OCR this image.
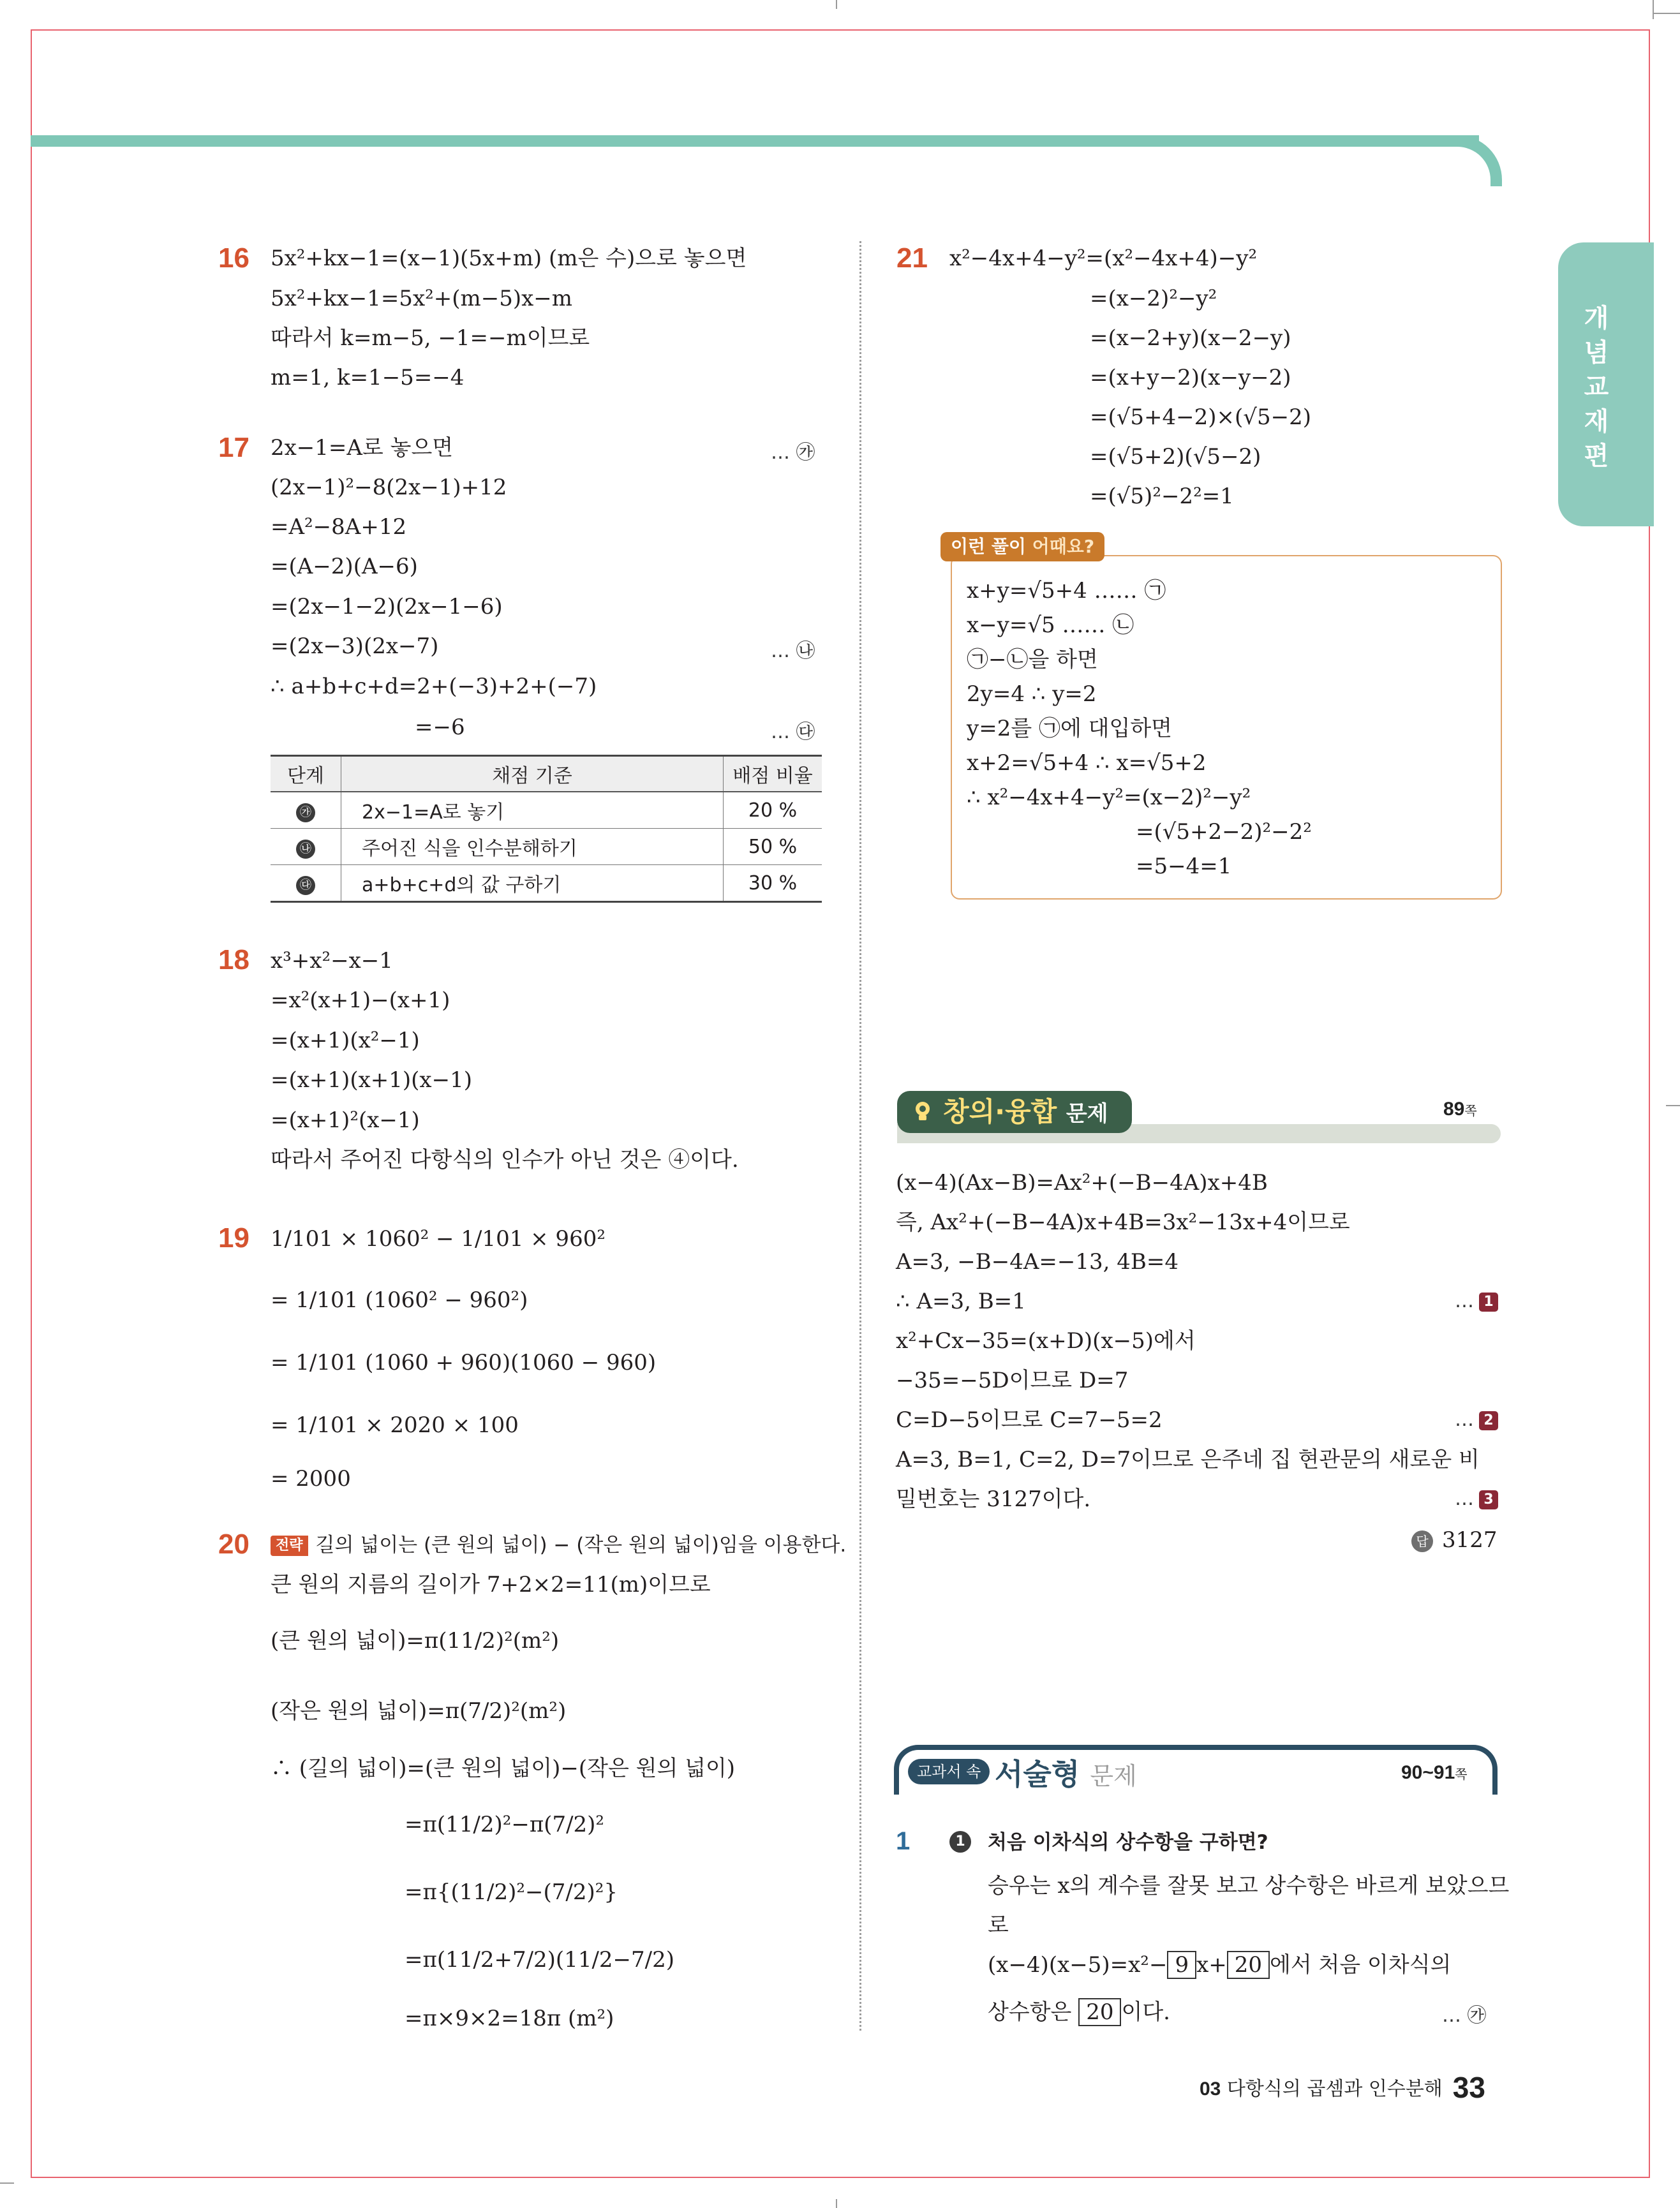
개념교재편
16 5x²+kx−1=(x−1)(5x+m) (m은 수)으로 놓으면
5x²+kx−1=5x²+(m−5)x−m
따라서 k=m−5, −1=−m이므로
m=1, k=1−5=−4
17 2x−1=A로 놓으면
(2x−1)²−8(2x−1)+12
=A²−8A+12
=(A−2)(A−6)
=(2x−1−2)(2x−1−6)
=(2x−3)(2x−7)
∴ a+b+c+d=2+(−3)+2+(−7)
=−6
… ㉮
… ㉯
… ㉰
단계	채점 기준	배점 비율
㉮	2x−1=A로 놓기	20 %
㉯	주어진 식을 인수분해하기	50 %
㉰	a+b+c+d의 값 구하기	30 %
18 x³+x²−x−1
=x²(x+1)−(x+1)
=(x+1)(x²−1)
=(x+1)(x+1)(x−1)
=(x+1)²(x−1)
따라서 주어진 다항식의 인수가 아닌 것은 ④이다.
19 1/101 × 1060² − 1/101 × 960²
= 1/101 (1060² − 960²)
= 1/101 (1060 + 960)(1060 − 960)
= 1/101 × 2020 × 100
= 2000
20	전략 길의 넓이는 (큰 원의 넓이) − (작은 원의 넓이)임을 이용한다.
큰 원의 지름의 길이가 7+2×2=11(m)이므로
(큰 원의 넓이)=π(11/2)²(m²)
(작은 원의 넓이)=π(7/2)²(m²)
∴ (길의 넓이)=(큰 원의 넓이)−(작은 원의 넓이)
=π(11/2)²−π(7/2)²
=π{(11/2)²−(7/2)²}
=π(11/2+7/2)(11/2−7/2)
=π×9×2=18π (m²)
21 x²−4x+4−y²=(x²−4x+4)−y²
=(x−2)²−y²
=(x−2+y)(x−2−y)
=(x+y−2)(x−y−2)
=(√5+4−2)×(√5−2)
=(√5+2)(√5−2)
=(√5)²−2²=1
이런 풀이 어때요?
x+y=√5+4 …… ㉠
x−y=√5 …… ㉡
㉠−㉡을 하면
2y=4 ∴ y=2
y=2를 ㉠에 대입하면
x+2=√5+4 ∴ x=√5+2
∴ x²−4x+4−y²=(x−2)²−y²
=(√5+2−2)²−2²
=5−4=1
창의·융합 문제	89쪽
(x−4)(Ax−B)=Ax²+(−B−4A)x+4B
즉, Ax²+(−B−4A)x+4B=3x²−13x+4이므로
A=3, −B−4A=−13, 4B=4
∴ A=3, B=1
x²+Cx−35=(x+D)(x−5)에서
−35=−5D이므로 D=7
C=D−5이므로 C=7−5=2
A=3, B=1, C=2, D=7이므로 은주네 집 현관문의 새로운 비
밀번호는 3127이다.
… 1
… 2
… 3
답 3127
교과서 속 서술형 문제	90~91쪽
1	1	처음 이차식의 상수항을 구하면?
승우는 x의 계수를 잘못 보고 상수항은 바르게 보았으므
로
(x−4)(x−5)=x²− 9 x+ 20 에서 처음 이차식의
상수항은 20 이다.	… ㉮
03 다항식의 곱셈과 인수분해 33
